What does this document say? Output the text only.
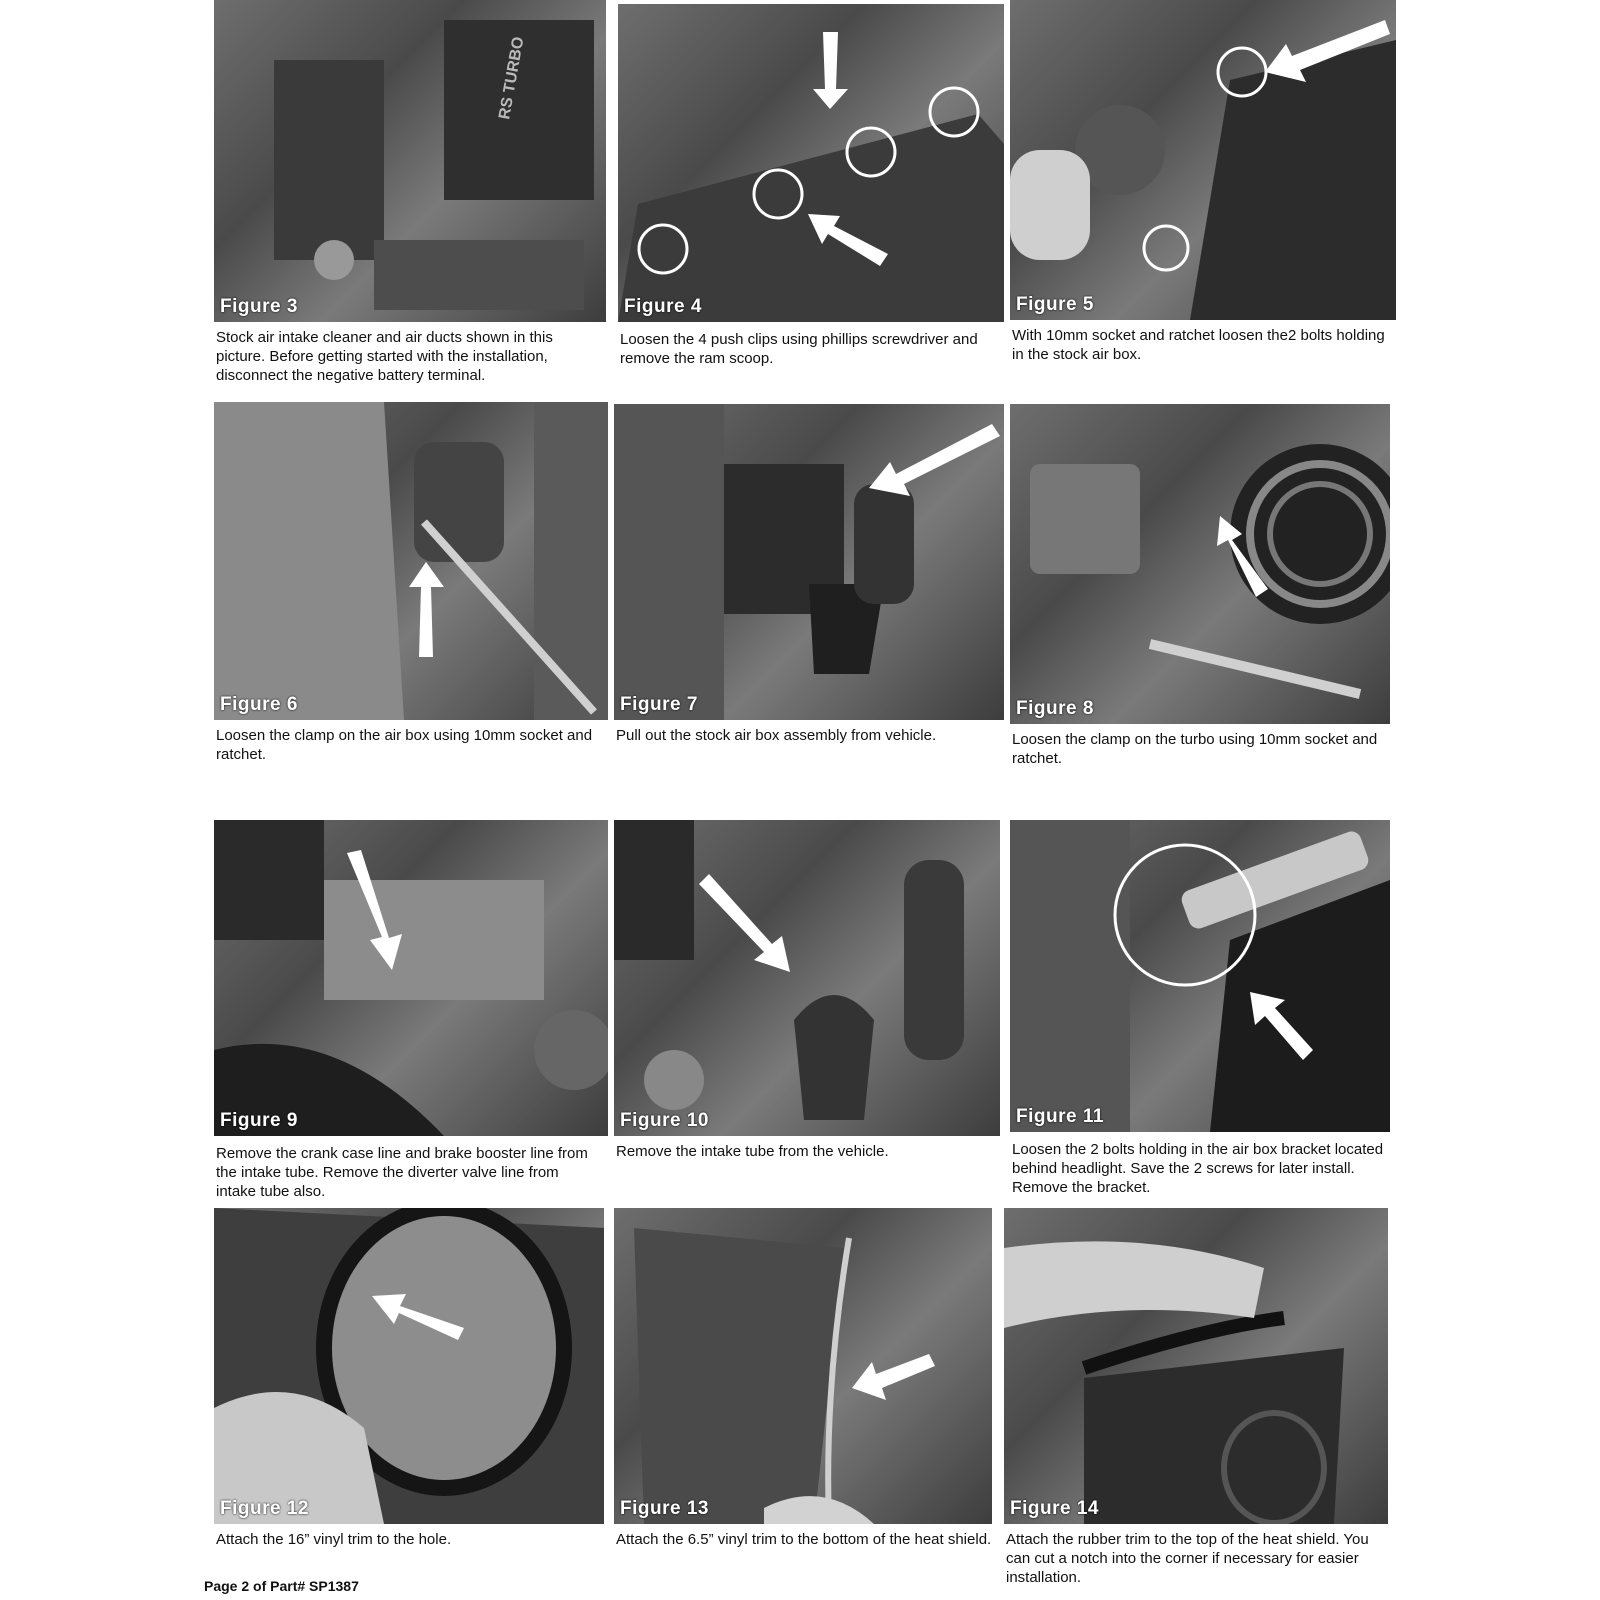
RS TURBO
Figure 3
Stock air intake cleaner and air ducts shown in this picture. Before getting started with the installation, disconnect the negative battery terminal.
Figure 4
Loosen the 4 push clips using phillips screwdriver and remove the ram scoop.
Figure 5
With 10mm socket and ratchet loosen the2 bolts holding in the stock air box.
Figure 6
Loosen the clamp on the air box using 10mm socket and ratchet.
Figure 7
Pull out the stock air box assembly from vehicle.
Figure 8
Loosen the clamp on the turbo using 10mm socket and ratchet.
Figure 9
Remove the crank case line and brake booster line from the intake tube. Remove the diverter valve line from intake tube also.
Figure 10
Remove the intake tube from the vehicle.
Figure 11
Loosen the 2 bolts holding in the air box bracket located behind headlight. Save the 2 screws for later install. Remove the bracket.
Figure 12
Attach the 16” vinyl trim to the hole.
Figure 13
Attach the 6.5” vinyl trim to the bottom of the heat shield.
Figure 14
Attach the rubber trim to the top of the heat shield. You can cut a notch into the corner if necessary for easier installation.
Page 2 of Part# SP1387
